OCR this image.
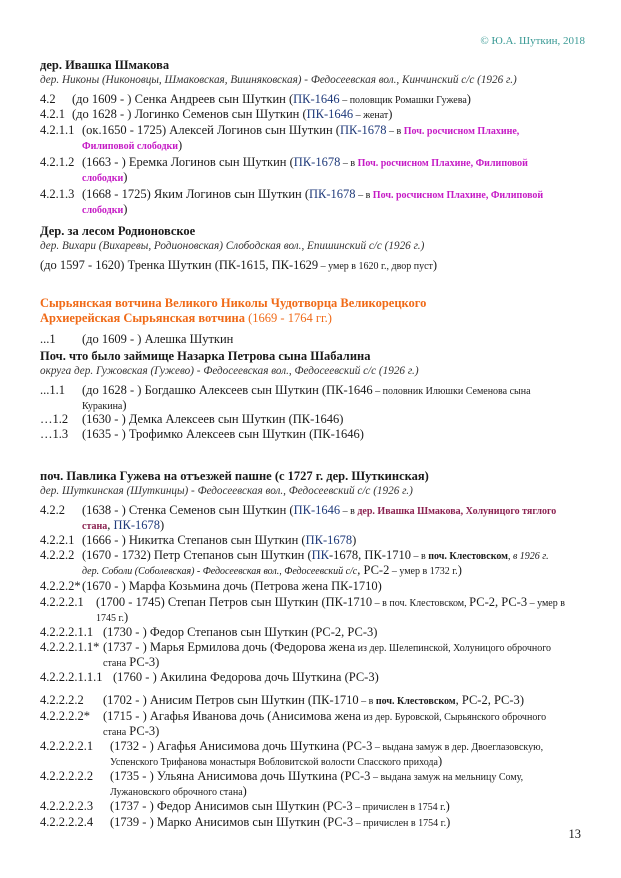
© Ю.А. Шуткин, 2018
дер. Ивашка Шмакова
дер. Никоны (Никоновцы, Шмаковская, Вишняковская) - Федосеевская вол., Кинчинский с/с (1926 г.)
4.2 (до 1609 - ) Сенка Андреев сын Шуткин (ПК-1646 – половщик Ромашки Гужева)
4.2.1 (до 1628 - ) Логинко Семенов сын Шуткин (ПК-1646 – женат)
4.2.1.1 (ок.1650 - 1725) Алексей Логинов сын Шуткин (ПК-1678 – в Поч. росчисном Плахине,
Филиповой слободки)
4.2.1.2 (1663 - ) Еремка Логинов сын Шуткин (ПК-1678 – в Поч. росчисном Плахине, Филиповой
слободки)
4.2.1.3 (1668 - 1725) Яким Логинов сын Шуткин (ПК-1678 – в Поч. росчисном Плахине, Филиповой
слободки)
Дер. за лесом Родионовское
дер. Вихари (Вихаревы, Родионовская) Слободская вол., Епишинский с/с (1926 г.)
(до 1597 - 1620) Тренка Шуткин (ПК-1615, ПК-1629 – умер в 1620 г., двор пуст)
Сырьянская вотчина Великого Николы Чудотворца Великорецкого
Архиерейская Сырьянская вотчина (1669 - 1764 гг.)
...1 (до 1609 - ) Алешка Шуткин
Поч. что было займище Назарка Петрова сына Шабалина
округа дер. Гужовская (Гужево) - Федосеевская вол., Федосеевский с/с (1926 г.)
...1.1 (до 1628 - ) Богдашко Алексеев сын Шуткин (ПК-1646 – половник Илюшки Семенова сына
Куракина)
…1.2 (1630 - ) Демка Алексеев сын Шуткин (ПК-1646)
…1.3 (1635 - ) Трофимко Алексеев сын Шуткин (ПК-1646)
поч. Павлика Гужева на отъезжей пашне (с 1727 г. дер. Шуткинская)
дер. Шуткинская (Шуткинцы) - Федосеевская вол., Федосеевский с/с (1926 г.)
4.2.2 (1638 - ) Стенка Семенов сын Шуткин (ПК-1646 – в дер. Ивашка Шмакова, Холуницого тяглого
стана, ПК-1678)
4.2.2.1 (1666 - ) Никитка Степанов сын Шуткин (ПК-1678)
4.2.2.2 (1670 - 1732) Петр Степанов сын Шуткин (ПК-1678, ПК-1710 – в поч. Клестовском, в 1926 г.
дер. Соболи (Соболевская) - Федосеевская вол., Федосеевский с/с, РС-2 – умер в 1732 г.)
4.2.2.2*(1670 - ) Марфа Козьмина дочь (Петрова жена ПК-1710)
4.2.2.2.1 (1700 - 1745) Степан Петров сын Шуткин (ПК-1710 – в поч. Клестовском, РС-2, РС-3 – умер в
1745 г.)
4.2.2.2.1.1 (1730 - ) Федор Степанов сын Шуткин (РС-2, РС-3)
4.2.2.2.1.1* (1737 - ) Марья Ермилова дочь (Федорова жена из дер. Шелепинской, Холуницого оброчного
стана РС-3)
4.2.2.2.1.1.1 (1760 - ) Акилина Федорова дочь Шуткина (РС-3)
4.2.2.2.2 (1702 - ) Анисим Петров сын Шуткин (ПК-1710 – в поч. Клестовском, РС-2, РС-3)
4.2.2.2.2* (1715 - ) Агафья Иванова дочь (Анисимова жена из дер. Буровской, Сырьянского оброчного
стана РС-3)
4.2.2.2.2.1 (1732 - ) Агафья Анисимова дочь Шуткина (РС-3 – выдана замуж в дер. Двоеглазовскую,
Успенского Трифанова монастыря Вобловитской волости Спасского прихода)
4.2.2.2.2.2 (1735 - ) Ульяна Анисимова дочь Шуткина (РС-3 – выдана замуж на мельницу Сому,
Лужановского оброчного стана)
4.2.2.2.2.3 (1737 - ) Федор Анисимов сын Шуткин (РС-3 – причислен в 1754 г.)
4.2.2.2.2.4 (1739 - ) Марко Анисимов сын Шуткин (РС-3 – причислен в 1754 г.)
13
